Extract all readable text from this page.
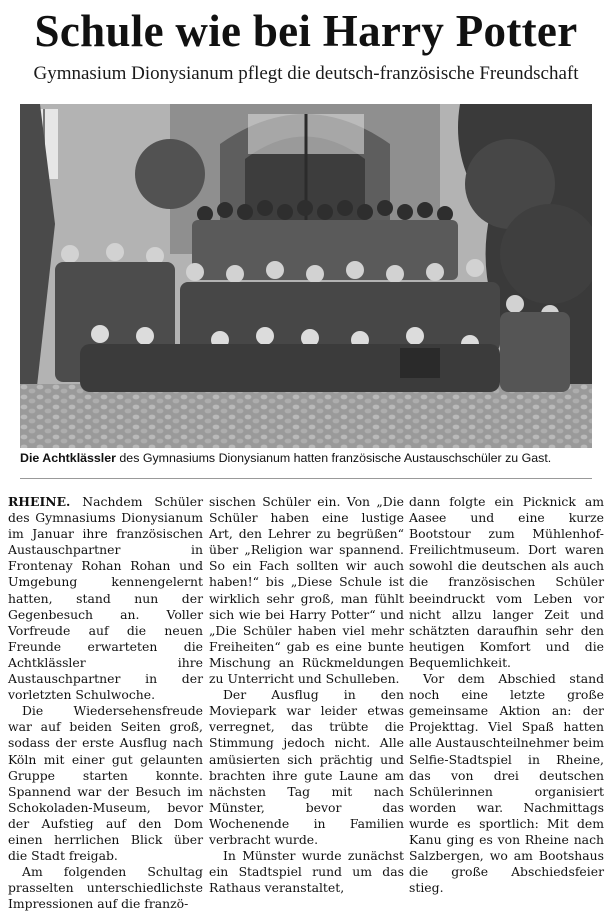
Schule wie bei Harry Potter
Gymnasium Dionysianum pflegt die deutsch-französische Freundschaft
Die Achtklässler des Gymnasiums Dionysianum hatten französische Austauschschüler zu Gast.

RHEINE. Nachdem Schüler des Gymnasiums Dionysianum im Januar ihre französischen Austauschpartner in Frontenay Rohan Rohan und Umgebung kennengelernt hatten, stand nun der Gegenbesuch an. Voller Vorfreude auf die neuen Freunde erwarteten die Achtklässler ihre Austauschpartner in der vorletzten Schulwoche.

Die Wiedersehensfreude war auf beiden Seiten groß, sodass der erste Ausflug nach Köln mit einer gut gelaunten Gruppe starten konnte. Spannend war der Besuch im Schokoladen-Museum, bevor der Aufstieg auf den Dom einen herrlichen Blick über die Stadt freigab.

Am folgenden Schultag prasselten unterschiedlichste Impressionen auf die franzö-

sischen Schüler ein. Von „Die Schüler haben eine lustige Art, den Lehrer zu begrüßen“ über „Religion war spannend. So ein Fach sollten wir auch haben!“ bis „Diese Schule ist wirklich sehr groß, man fühlt sich wie bei Harry Potter“ und „Die Schüler haben viel mehr Freiheiten“ gab es eine bunte Mischung an Rückmeldungen zu Unterricht und Schulleben.

Der Ausflug in den Moviepark war leider etwas verregnet, das trübte die Stimmung jedoch nicht. Alle amüsierten sich prächtig und brachten ihre gute Laune am nächsten Tag mit nach Münster, bevor das Wochenende in Familien verbracht wurde.

In Münster wurde zunächst ein Stadtspiel rund um das Rathaus veranstaltet,

dann folgte ein Picknick am Aasee und eine kurze Bootstour zum Mühlenhof-Freilichtmuseum. Dort waren sowohl die deutschen als auch die französischen Schüler beeindruckt vom Leben vor nicht allzu langer Zeit und schätzten daraufhin sehr den heutigen Komfort und die Bequemlichkeit.

Vor dem Abschied stand noch eine letzte große gemeinsame Aktion an: der Projekttag. Viel Spaß hatten alle Austauschteilnehmer beim Selfie-Stadtspiel in Rheine, das von drei deutschen Schülerinnen organisiert worden war. Nachmittags wurde es sportlich: Mit dem Kanu ging es von Rheine nach Salzbergen, wo am Bootshaus die große Abschiedsfeier stieg.
